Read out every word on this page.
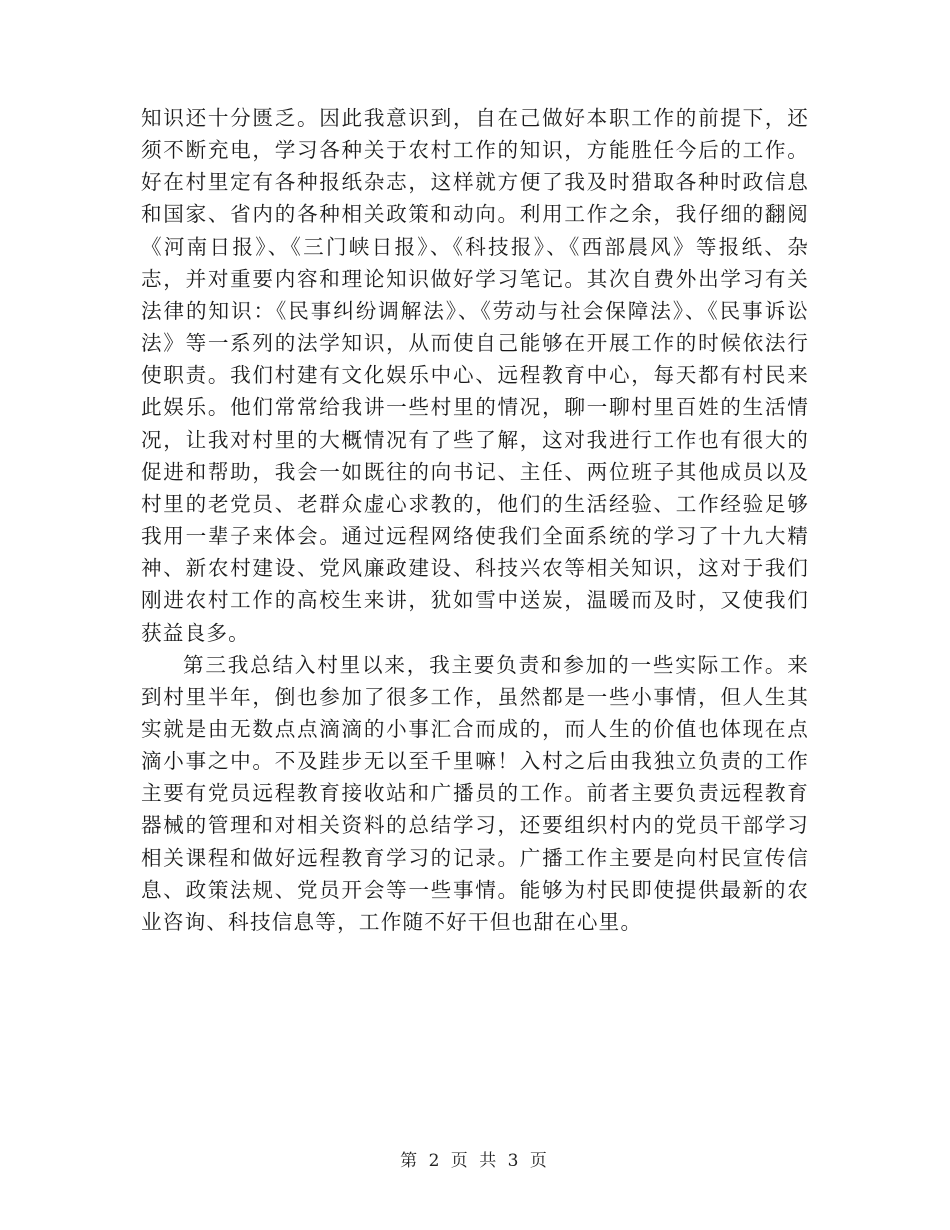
知识还十分匮乏。因此我意识到，自在己做好本职工作的前提下，还须不断充电，学习各种关于农村工作的知识，方能胜任今后的工作。好在村里定有各种报纸杂志，这样就方便了我及时猎取各种时政信息和国家、省内的各种相关政策和动向。利用工作之余，我仔细的翻阅《河南日报》、《三门峡日报》、《科技报》、《西部晨风》等报纸、杂志，并对重要内容和理论知识做好学习笔记。其次自费外出学习有关法律的知识：《民事纠纷调解法》、《劳动与社会保障法》、《民事诉讼法》等一系列的法学知识，从而使自己能够在开展工作的时候依法行使职责。我们村建有文化娱乐中心、远程教育中心，每天都有村民来此娱乐。他们常常给我讲一些村里的情况，聊一聊村里百姓的生活情况，让我对村里的大概情况有了些了解，这对我进行工作也有很大的促进和帮助，我会一如既往的向书记、主任、两位班子其他成员以及村里的老党员、老群众虚心求教的，他们的生活经验、工作经验足够我用一辈子来体会。通过远程网络使我们全面系统的学习了十九大精神、新农村建设、党风廉政建设、科技兴农等相关知识，这对于我们刚进农村工作的高校生来讲，犹如雪中送炭，温暖而及时，又使我们获益良多。

第三我总结入村里以来，我主要负责和参加的一些实际工作。来到村里半年，倒也参加了很多工作，虽然都是一些小事情，但人生其实就是由无数点点滴滴的小事汇合而成的，而人生的价值也体现在点滴小事之中。不及跬步无以至千里嘛！入村之后由我独立负责的工作主要有党员远程教育接收站和广播员的工作。前者主要负责远程教育器械的管理和对相关资料的总结学习，还要组织村内的党员干部学习相关课程和做好远程教育学习的记录。广播工作主要是向村民宣传信息、政策法规、党员开会等一些事情。能够为村民即使提供最新的农业咨询、科技信息等，工作随不好干但也甜在心里。

第 2 页 共 3 页
